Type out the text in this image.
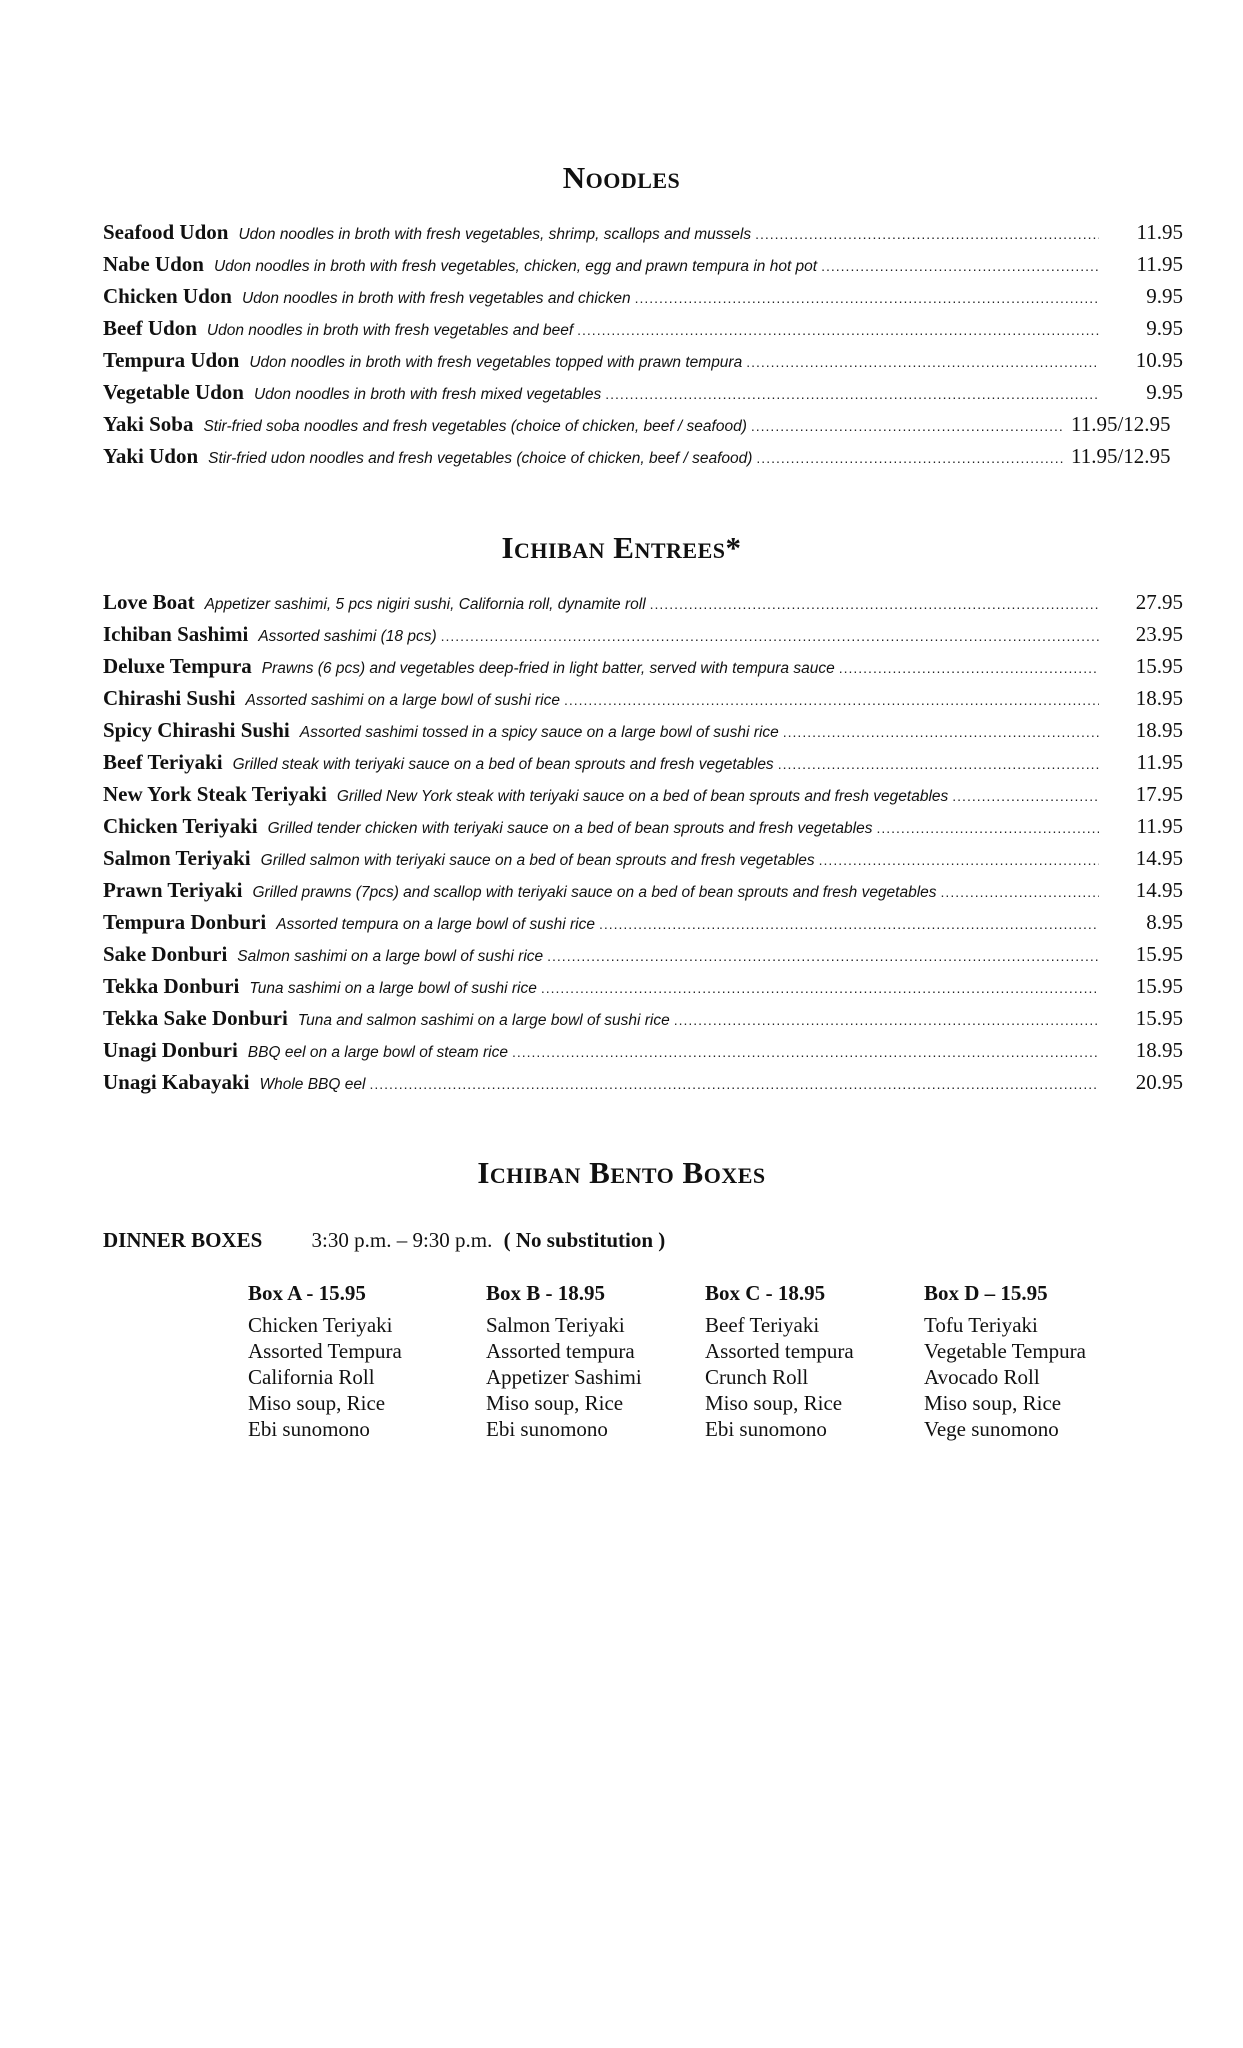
Noodles
Seafood Udon Udon noodles in broth with fresh vegetables, shrimp, scallops and mussels .....	11.95
Nabe Udon Udon noodles in broth with fresh vegetables, chicken, egg and prawn tempura in hot pot .....	11.95
Chicken Udon Udon noodles in broth with fresh vegetables and chicken .....	9.95
Beef Udon Udon noodles in broth with fresh vegetables and beef .....	9.95
Tempura Udon Udon noodles in broth with fresh vegetables topped with prawn tempura .....	10.95
Vegetable Udon Udon noodles in broth with fresh mixed vegetables .....	9.95
Yaki Soba Stir-fried soba noodles and fresh vegetables (choice of chicken, beef / seafood) .....	11.95/12.95
Yaki Udon Stir-fried udon noodles and fresh vegetables (choice of chicken, beef / seafood) .....	11.95/12.95
Ichiban Entrees*
Love Boat Appetizer sashimi, 5 pcs nigiri sushi, California roll, dynamite roll .....	27.95
Ichiban Sashimi Assorted sashimi (18 pcs) .....	23.95
Deluxe Tempura Prawns (6 pcs) and vegetables deep-fried in light batter, served with tempura sauce .....	15.95
Chirashi Sushi Assorted sashimi on a large bowl of sushi rice .....	18.95
Spicy Chirashi Sushi Assorted sashimi tossed in a spicy sauce on a large bowl of sushi rice .....	18.95
Beef Teriyaki Grilled steak with teriyaki sauce on a bed of bean sprouts and fresh vegetables .....	11.95
New York Steak Teriyaki Grilled New York steak with teriyaki sauce on a bed of bean sprouts and fresh vegetables .....	17.95
Chicken Teriyaki Grilled tender chicken with teriyaki sauce on a bed of bean sprouts and fresh vegetables .....	11.95
Salmon Teriyaki Grilled salmon with teriyaki sauce on a bed of bean sprouts and fresh vegetables .....	14.95
Prawn Teriyaki Grilled prawns (7pcs) and scallop with teriyaki sauce on a bed of bean sprouts and fresh vegetables .....	14.95
Tempura Donburi Assorted tempura on a large bowl of sushi rice .....	8.95
Sake Donburi Salmon sashimi on a large bowl of sushi rice .....	15.95
Tekka Donburi Tuna sashimi on a large bowl of sushi rice .....	15.95
Tekka Sake Donburi Tuna and salmon sashimi on a large bowl of sushi rice .....	15.95
Unagi Donburi BBQ eel on a large bowl of steam rice .....	18.95
Unagi Kabayaki Whole BBQ eel .....	20.95
Ichiban Bento Boxes
DINNER BOXES 3:30 p.m. – 9:30 p.m. ( No substitution )
Box A - 15.95
Chicken Teriyaki
Assorted Tempura
California Roll
Miso soup, Rice
Ebi sunomono
Box B - 18.95
Salmon Teriyaki
Assorted tempura
Appetizer Sashimi
Miso soup, Rice
Ebi sunomono
Box C - 18.95
Beef Teriyaki
Assorted tempura
Crunch Roll
Miso soup, Rice
Ebi sunomono
Box D – 15.95
Tofu Teriyaki
Vegetable Tempura
Avocado Roll
Miso soup, Rice
Vege sunomono
